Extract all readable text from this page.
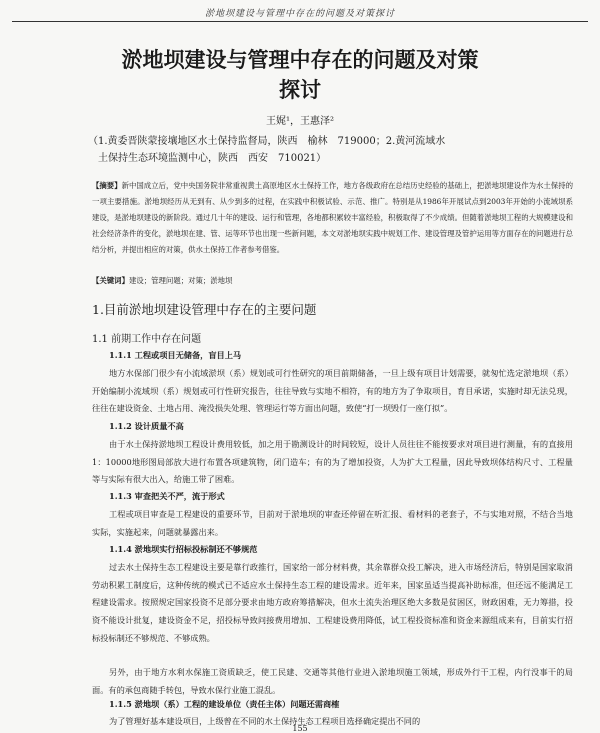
淤地坝建设与管理中存在的问题及对策探讨
淤地坝建设与管理中存在的问题及对策
探讨
王娓¹，王惠泽²
（1.黄委晋陕蒙接壤地区水土保持监督局，陕西　榆林　719000；2.黄河流域水
土保持生态环境监测中心，陕西　西安　710021）
【摘要】新中国成立后，党中央国务院非常重视黄土高原地区水土保持工作，地方各级政府在总结历史经验的基础上，把淤地坝建设作为水土保持的一项主要措施。淤地坝经历从无到有、从少到多的过程，在实践中积极试验、示范、推广。特别是从1986年开展试点到2003年开始的小流域坝系建设，是淤地坝建设的新阶段。通过几十年的建设、运行和管理，各地都积累较丰富经验，积极取得了不少成绩。但随着淤地坝工程的大规模建设和社会经济条件的变化，淤地坝在建、管、运等环节也出现一些新问题，本文对淤地坝实践中规划工作、建设管理及管护运用等方面存在的问题进行总结分析，并提出相应的对策，供水土保持工作者参考借鉴。
【关键词】建设；管理问题；对策；淤地坝
1.目前淤地坝建设管理中存在的主要问题
1.1 前期工作中存在问题
1.1.1 工程或项目无储备，盲目上马
地方水保部门很少有小流域淤坝（系）规划或可行性研究的项目前期储备，一旦上级有项目计划需要，就匆忙选定淤地坝（系）开始编制小流域坝（系）规划或可行性研究报告，往往导致与实地不相符，有的地方为了争取项目，育目承诺，实施时却无法兑现，往往在建设资金、土地占用、淹没损失处理、管理运行等方面出问题，致使“打一坝毁仃一座仃拟”。
1.1.2 设计质量不高
由于水土保持淤地坝工程设计费用较低，加之用于勘测设计的时间较短，设计人员往往不能按要求对项目进行测量，有的直接用1：10000地形图局部放大进行布置各项建筑物，闭门造车；有的为了增加投资，人为扩大工程量，因此导致坝体结构尺寸、工程量等与实际有很大出入，给施工带了困难。
1.1.3 审查把关不严，流于形式
工程或项目审查是工程建设的重要环节，目前对于淤地坝的审查还停留在听汇报、看材料的老套子，不与实地对照，不结合当地实际，实施起来，问题就暴露出来。
1.1.4 淤地坝实行招标投标制还不够规范
过去水土保持生态工程建设主要是靠行政推行，国家给一部分材料费，其余靠群众投工解决，进入市场经济后，特别是国家取消劳动积累工制度后，这种传统的模式已不适应水土保持生态工程的建设需求。近年来，国家虽适当提高补助标准，但还远不能满足工程建设需求。按照规定国家投资不足部分要求由地方政府筹措解决，但水土流失治理区绝大多数是贫困区，财政困难，无力筹措，投资不能设计批复，建设资金不足，招投标导致问接费用增加、工程建设费用降低，试工程投资标准和资金来源组成来有，目前实行招标投标制还不够规范、不够成熟。
另外，由于地方水利水保施工资质缺乏，使工民建、交通等其他行业进入淤地坝施工领域，形成外行干工程，内行没事干的局面。有的承包商随手转包，导致水保行业施工混乱。
1.1.5 淤地坝（系）工程的建设单位（责任主体）问题还需商榷
为了管理好基本建设项目，上级曾在不同的水土保持生态工程项目选择确定提出不同的
155
